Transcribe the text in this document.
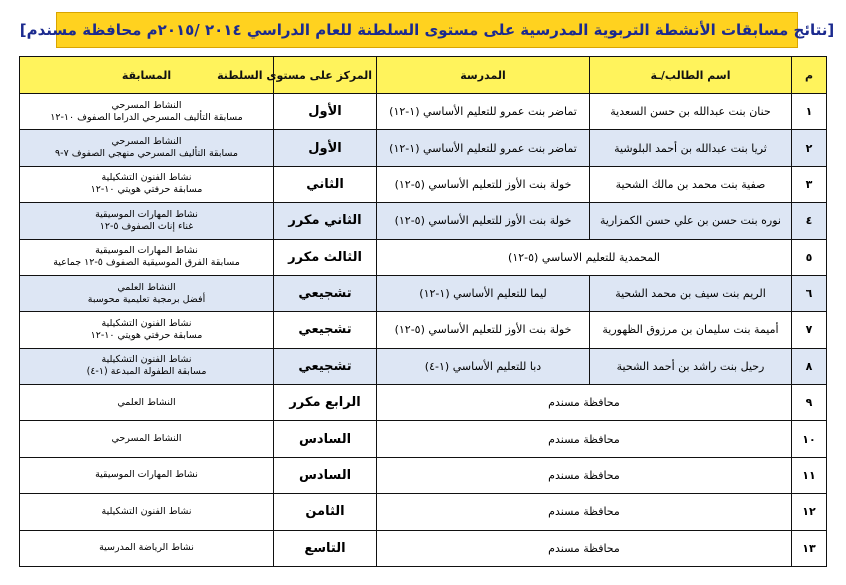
[نتائج مسابقات الأنشطة التربوية المدرسية على مستوى السلطنة للعام الدراسي ٢٠١٤ /٢٠١٥م محافظة مسندم]
م	اسم الطالب/ـة	المدرسة	المركز على مستوى السلطنة	المسابقة
١	حنان بنت عبدالله بن حسن السعدية	تماضر بنت عمرو للتعليم الأساسي (١-١٢)	الأول	النشاط المسرحي
مسابقة التأليف المسرحي الدراما الصفوف ١٠-١٢

٢	ثريا بنت عبدالله بن أحمد البلوشية	تماضر بنت عمرو للتعليم الأساسي (١-١٢)	الأول	النشاط المسرحي
مسابقة التأليف المسرحي منهجي الصفوف ٧-٩

٣	صفية بنت محمد بن مالك الشحية	خولة بنت الأوز للتعليم الأساسي (٥-١٢)	الثاني	نشاط الفنون التشكيلية
مسابقة حرفتي هويتي ١٠-١٢

٤	نوره بنت حسن بن علي حسن الكمزارية	خولة بنت الأوز للتعليم الأساسي (٥-١٢)	الثاني مكرر	نشاط المهارات الموسيقية
غناء إناث الصفوف ٥-١٢

٥	المحمدية للتعليم الاساسي (٥-١٢)		الثالث مكرر	نشاط المهارات الموسيقية
مسابقة الفرق الموسيقية الصفوف ٥-١٢ جماعية

٦	الريم بنت سيف بن محمد الشحية	ليما للتعليم الأساسي (١-١٢)	تشجيعي	النشاط العلمي
أفضل برمجية تعليمية محوسبة

٧	أميمة بنت سليمان بن مرزوق الظهورية	خولة بنت الأوز للتعليم الأساسي (٥-١٢)	تشجيعي	نشاط الفنون التشكيلية
مسابقة حرفتي هويتي ١٠-١٢

٨	رحيل بنت راشد بن أحمد الشحية	دبا للتعليم الأساسي (١-٤)	تشجيعي	نشاط الفنون التشكيلية
مسابقة الطفولة المبدعة (١-٤)

٩	محافظة مسندم		الرابع مكرر	النشاط العلمي
١٠	محافظة مسندم		السادس	النشاط المسرحي
١١	محافظة مسندم		السادس	نشاط المهارات الموسيقية
١٢	محافظة مسندم		الثامن	نشاط الفنون التشكيلية
١٣	محافظة مسندم		التاسع	نشاط الرياضة المدرسية
